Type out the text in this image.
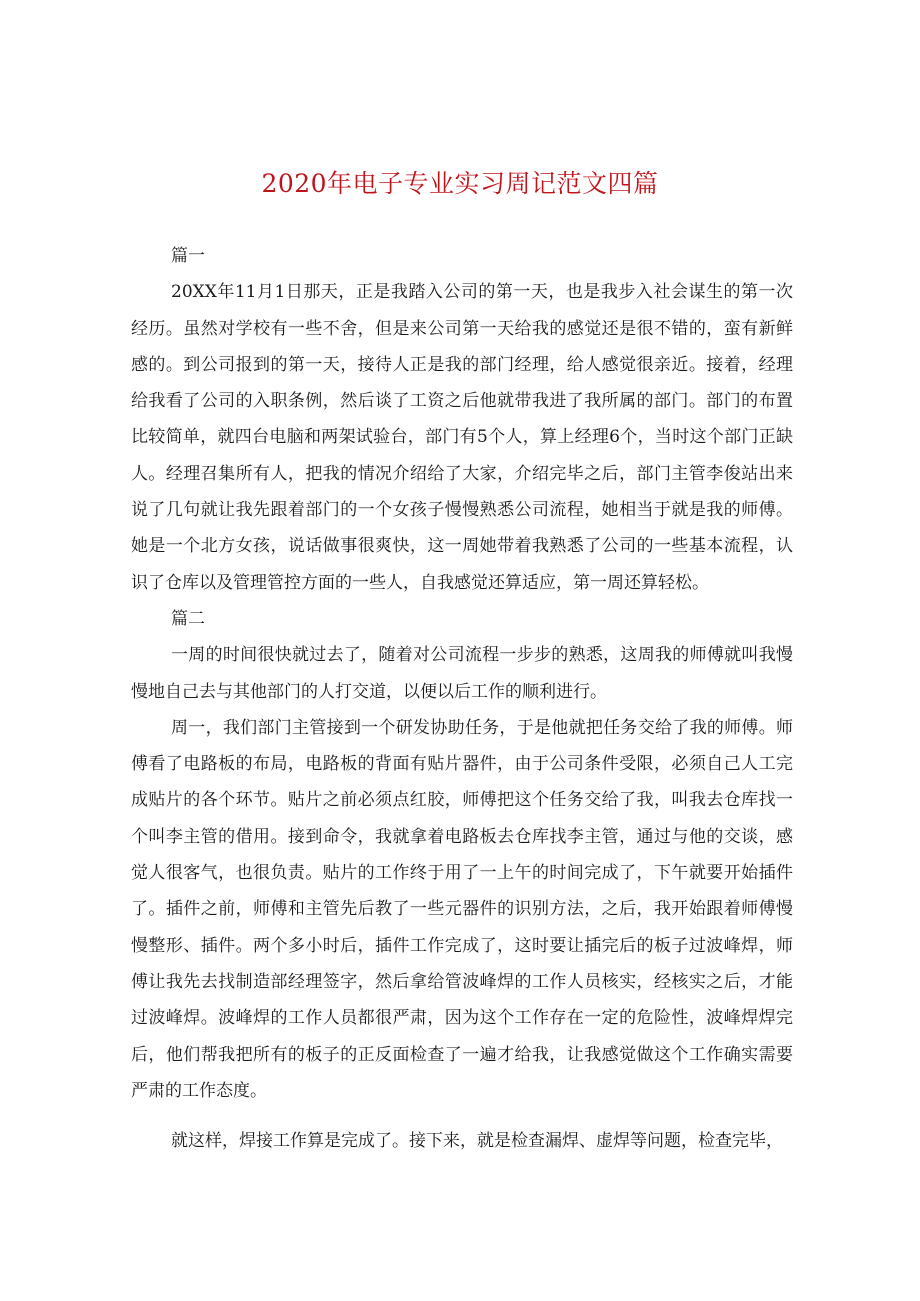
2020年电子专业实习周记范文四篇

篇一

20XX年11月1日那天，正是我踏入公司的第一天，也是我步入社会谋生的第一次经历。虽然对学校有一些不舍，但是来公司第一天给我的感觉还是很不错的，蛮有新鲜感的。到公司报到的第一天，接待人正是我的部门经理，给人感觉很亲近。接着，经理给我看了公司的入职条例，然后谈了工资之后他就带我进了我所属的部门。部门的布置比较简单，就四台电脑和两架试验台，部门有5个人，算上经理6个，当时这个部门正缺人。经理召集所有人，把我的情况介绍给了大家，介绍完毕之后，部门主管李俊站出来说了几句就让我先跟着部门的一个女孩子慢慢熟悉公司流程，她相当于就是我的师傅。她是一个北方女孩，说话做事很爽快，这一周她带着我熟悉了公司的一些基本流程，认识了仓库以及管理管控方面的一些人，自我感觉还算适应，第一周还算轻松。

篇二

一周的时间很快就过去了，随着对公司流程一步步的熟悉，这周我的师傅就叫我慢慢地自己去与其他部门的人打交道，以便以后工作的顺利进行。

周一，我们部门主管接到一个研发协助任务，于是他就把任务交给了我的师傅。师傅看了电路板的布局，电路板的背面有贴片器件，由于公司条件受限，必须自己人工完成贴片的各个环节。贴片之前必须点红胶，师傅把这个任务交给了我，叫我去仓库找一个叫李主管的借用。接到命令，我就拿着电路板去仓库找李主管，通过与他的交谈，感觉人很客气，也很负责。贴片的工作终于用了一上午的时间完成了，下午就要开始插件了。插件之前，师傅和主管先后教了一些元器件的识别方法，之后，我开始跟着师傅慢慢整形、插件。两个多小时后，插件工作完成了，这时要让插完后的板子过波峰焊，师傅让我先去找制造部经理签字，然后拿给管波峰焊的工作人员核实，经核实之后，才能过波峰焊。波峰焊的工作人员都很严肃，因为这个工作存在一定的危险性，波峰焊焊完后，他们帮我把所有的板子的正反面检查了一遍才给我，让我感觉做这个工作确实需要严肃的工作态度。

就这样，焊接工作算是完成了。接下来，就是检查漏焊、虚焊等问题，检查完毕，
